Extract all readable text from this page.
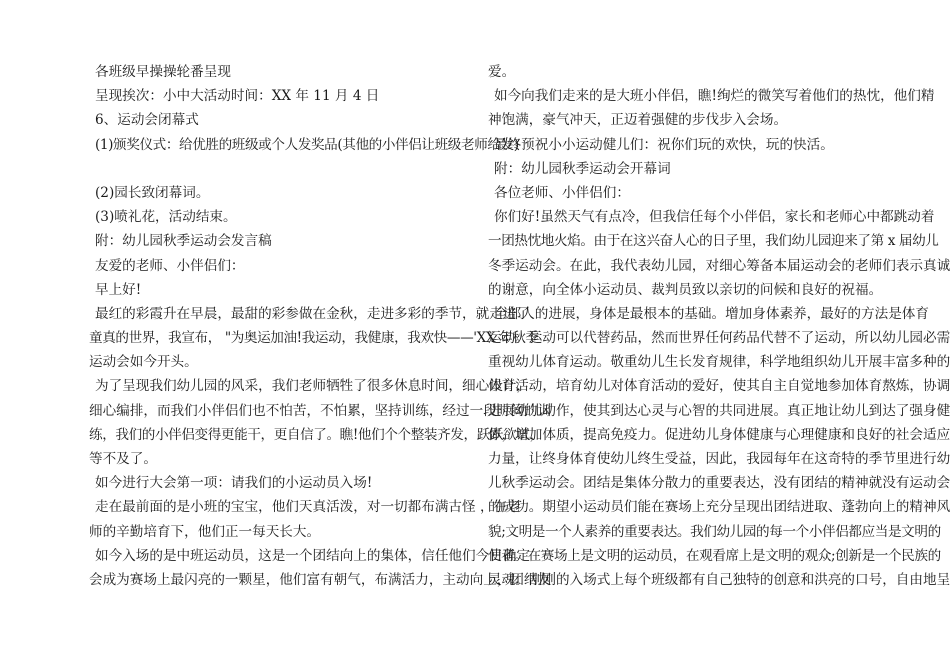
各班级早操操轮番呈现
呈现挨次：小中大活动时间：XX 年 11 月 4 日
6、运动会闭幕式
(1)颁奖仪式：给优胜的班级或个人发奖品(其他的小伴侣让班级老师给发)
(2)园长致闭幕词。
(3)喷礼花，活动结束。
附：幼儿园秋季运动会发言稿
友爱的老师、小伴侣们：
早上好!
最红的彩霞升在早晨，最甜的彩参做在金秋，走进多彩的季节，就走进了
童真的世界，我宣布， "为奥运加油!我运动，我健康，我欢快——'XX 年秋季
运动会如今开头。
为了呈现我们幼儿园的风采，我们老师牺牲了很多休息时间，细心设计，
细心编排，而我们小伴侣们也不怕苦，不怕累，坚持训练，经过一段时间的训
练，我们的小伴侣变得更能干，更自信了。瞧!他们个个整装齐发，跃跃欲试，
等不及了。
如今进行大会第一项：请我们的小运动员入场!
走在最前面的是小班的宝宝，他们天真活泼，对一切都布满古怪 ，在老
师的辛勤培育下，他们正一每天长大。
如今入场的是中班运动员，这是一个团结向上的集体，信任他们今日确定
会成为赛场上最闪亮的一颗星，他们富有朝气，布满活力，主动向上，团结友
爱。
如今向我们走来的是大班小伴侣，瞧!绚烂的微笑写着他们的热忱，他们精
神饱满，豪气冲天，正迈着强健的步伐步入会场。
最终预祝小小运动健儿们：祝你们玩的欢快，玩的快活。
附：幼儿园秋季运动会开幕词
各位老师、小伴侣们：
你们好!虽然天气有点冷，但我信任每个小伴侣，家长和老师心中都跳动着
一团热忱地火焰。由于在这兴奋人心的日子里，我们幼儿园迎来了第 x 届幼儿
冬季运动会。在此，我代表幼儿园，对细心筹备本届运动会的老师们表示真诚
的谢意，向全体小运动员、裁判员致以亲切的问候和良好的祝福。
全部人的进展，身体是最根本的基础。增加身体素养，最好的方法是体育
运动。运动可以代替药品，然而世界任何药品代替不了运动，所以幼儿园必需
重视幼儿体育运动。敬重幼儿生长发育规律，科学地组织幼儿开展丰富多种的
体育活动，培育幼儿对体育活动的爱好，使其自主自觉地参加体育熬炼，协调
进展幼儿动作，使其到达心灵与心智的共同进展。真正地让幼儿到达了强身健
体，增加体质，提高免疫力。促进幼儿身体健康与心理健康和良好的社会适应
力量，让终身体育使幼儿终生受益，因此，我园每年在这奇特的季节里进行幼
儿秋季运动会。团结是集体分散力的重要表达，没有团结的精神就没有运动会
的成功。期望小运动员们能在赛场上充分呈现出团结进取、蓬勃向上的精神风
貌;文明是一个人素养的重要表达。我们幼儿园的每一个小伴侣都应当是文明的
使者。在赛场上是文明的运动员，在观看席上是文明的观众;创新是一个民族的
灵魂。刚刚的入场式上每个班级都有自己独特的创意和洪亮的口号，自由地呈
